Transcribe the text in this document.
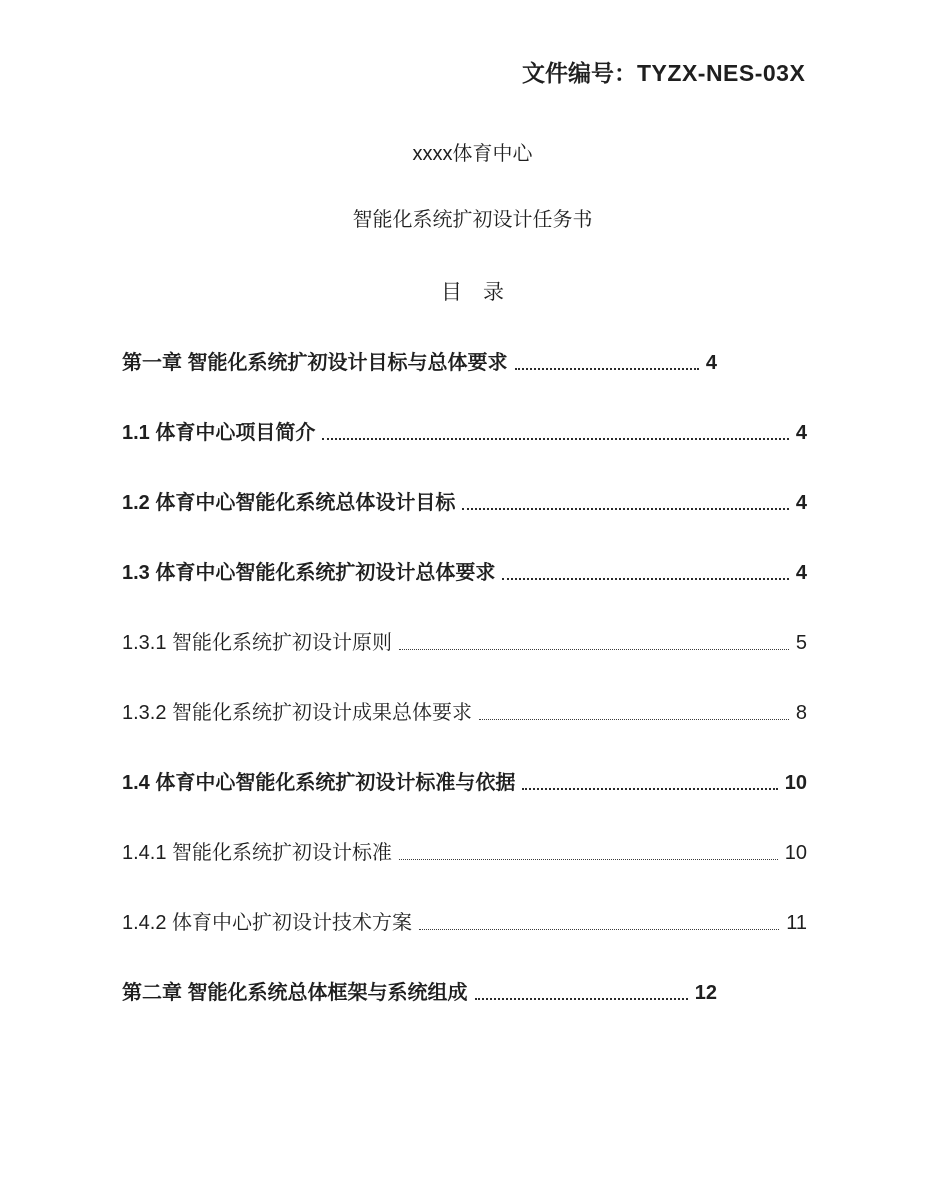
文件编号：TYZX-NES-03X
xxxx体育中心
智能化系统扩初设计任务书
目　录
第一章 智能化系统扩初设计目标与总体要求	4
1.1 体育中心项目简介	4
1.2 体育中心智能化系统总体设计目标	4
1.3 体育中心智能化系统扩初设计总体要求	4
1.3.1 智能化系统扩初设计原则	5
1.3.2 智能化系统扩初设计成果总体要求	8
1.4 体育中心智能化系统扩初设计标准与依据	10
1.4.1 智能化系统扩初设计标准	10
1.4.2 体育中心扩初设计技术方案	11
第二章 智能化系统总体框架与系统组成	12
